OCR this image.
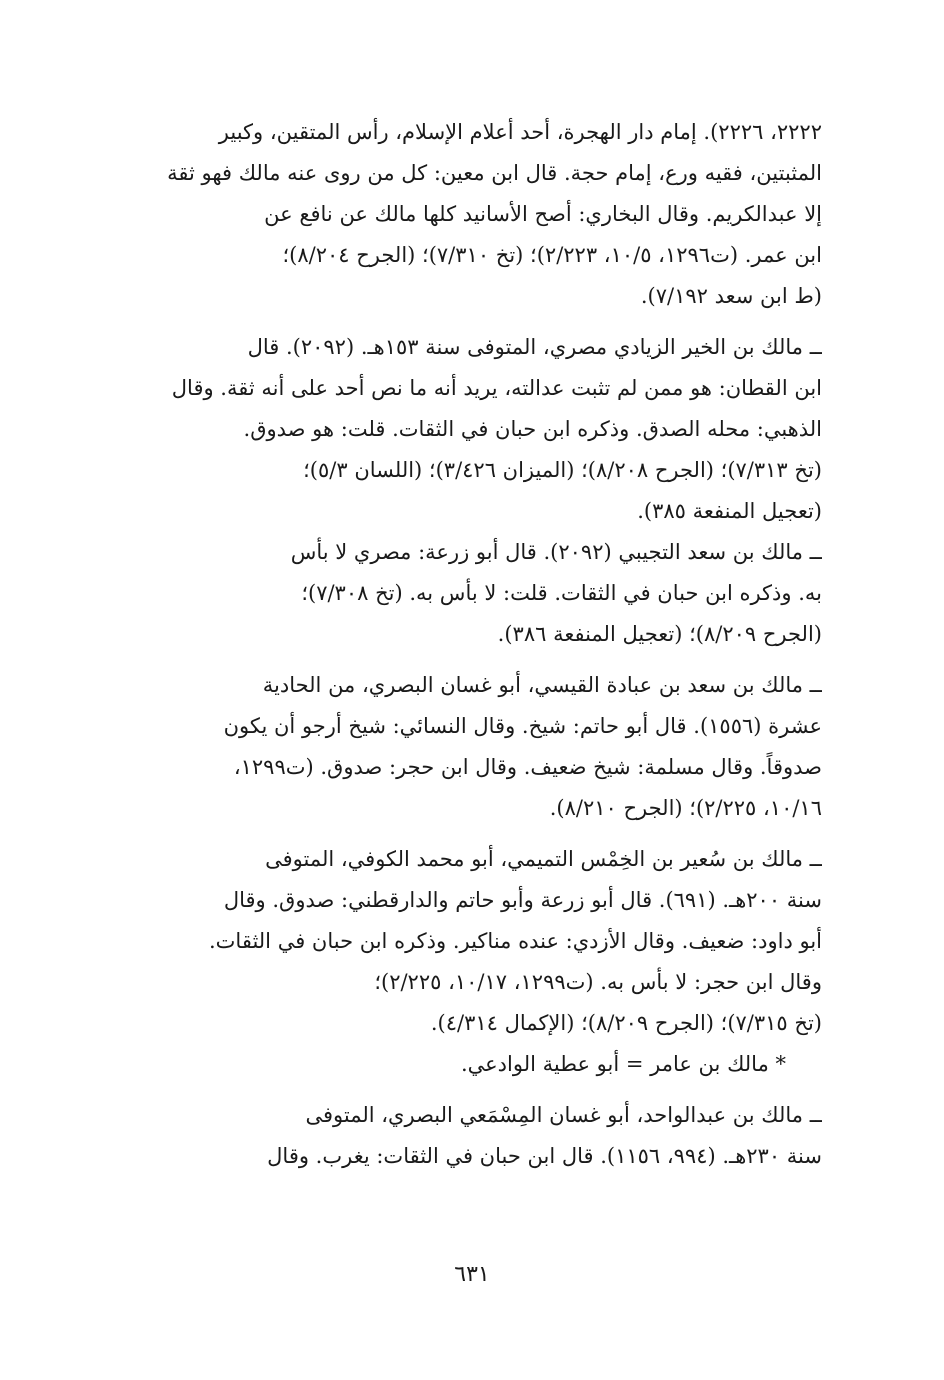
٢٢٢٢، ٢٢٢٦). إمام دار الهجرة، أحد أعلام الإسلام، رأس المتقين، وكبير
المثبتين، فقيه ورع، إمام حجة. قال ابن معين: كل من روى عنه مالك فهو ثقة
إلا عبدالكريم. وقال البخاري: أصح الأسانيد كلها مالك عن نافع عن
ابن عمر. (ت١٢٩٦، ١٠/٥، ٢/٢٢٣)؛ (تخ ٧/٣١٠)؛ (الجرح ٨/٢٠٤)؛
(ط ابن سعد ٧/١٩٢).
ــ مالك بن الخير الزيادي مصري، المتوفى سنة ١٥٣هـ. (٢٠٩٢). قال
ابن القطان: هو ممن لم تثبت عدالته، يريد أنه ما نص أحد على أنه ثقة. وقال
الذهبي: محله الصدق. وذكره ابن حبان في الثقات. قلت: هو صدوق.
(تخ ٧/٣١٣)؛ (الجرح ٨/٢٠٨)؛ (الميزان ٣/٤٢٦)؛ (اللسان ٥/٣)؛
(تعجيل المنفعة ٣٨٥).
ــ مالك بن سعد التجيبي (٢٠٩٢). قال أبو زرعة: مصري لا بأس
به. وذكره ابن حبان في الثقات. قلت: لا بأس به. (تخ ٧/٣٠٨)؛
(الجرح ٨/٢٠٩)؛ (تعجيل المنفعة ٣٨٦).
ــ مالك بن سعد بن عبادة القيسي، أبو غسان البصري، من الحادية
عشرة (١٥٥٦). قال أبو حاتم: شيخ. وقال النسائي: شيخ أرجو أن يكون
صدوقاً. وقال مسلمة: شيخ ضعيف. وقال ابن حجر: صدوق. (ت١٢٩٩،
١٠/١٦، ٢/٢٢٥)؛ (الجرح ٨/٢١٠).
ــ مالك بن سُعير بن الخِمْس التميمي، أبو محمد الكوفي، المتوفى
سنة ٢٠٠هـ. (٦٩١). قال أبو زرعة وأبو حاتم والدارقطني: صدوق. وقال
أبو داود: ضعيف. وقال الأزدي: عنده مناكير. وذكره ابن حبان في الثقات.
وقال ابن حجر: لا بأس به. (ت١٢٩٩، ١٠/١٧، ٢/٢٢٥)؛
(تخ ٧/٣١٥)؛ (الجرح ٨/٢٠٩)؛ (الإكمال ٤/٣١٤).
* مالك بن عامر = أبو عطية الوادعي.
ــ مالك بن عبدالواحد، أبو غسان المِسْمَعي البصري، المتوفى
سنة ٢٣٠هـ. (٩٩٤، ١١٥٦). قال ابن حبان في الثقات: يغرب. وقال
٦٣١
